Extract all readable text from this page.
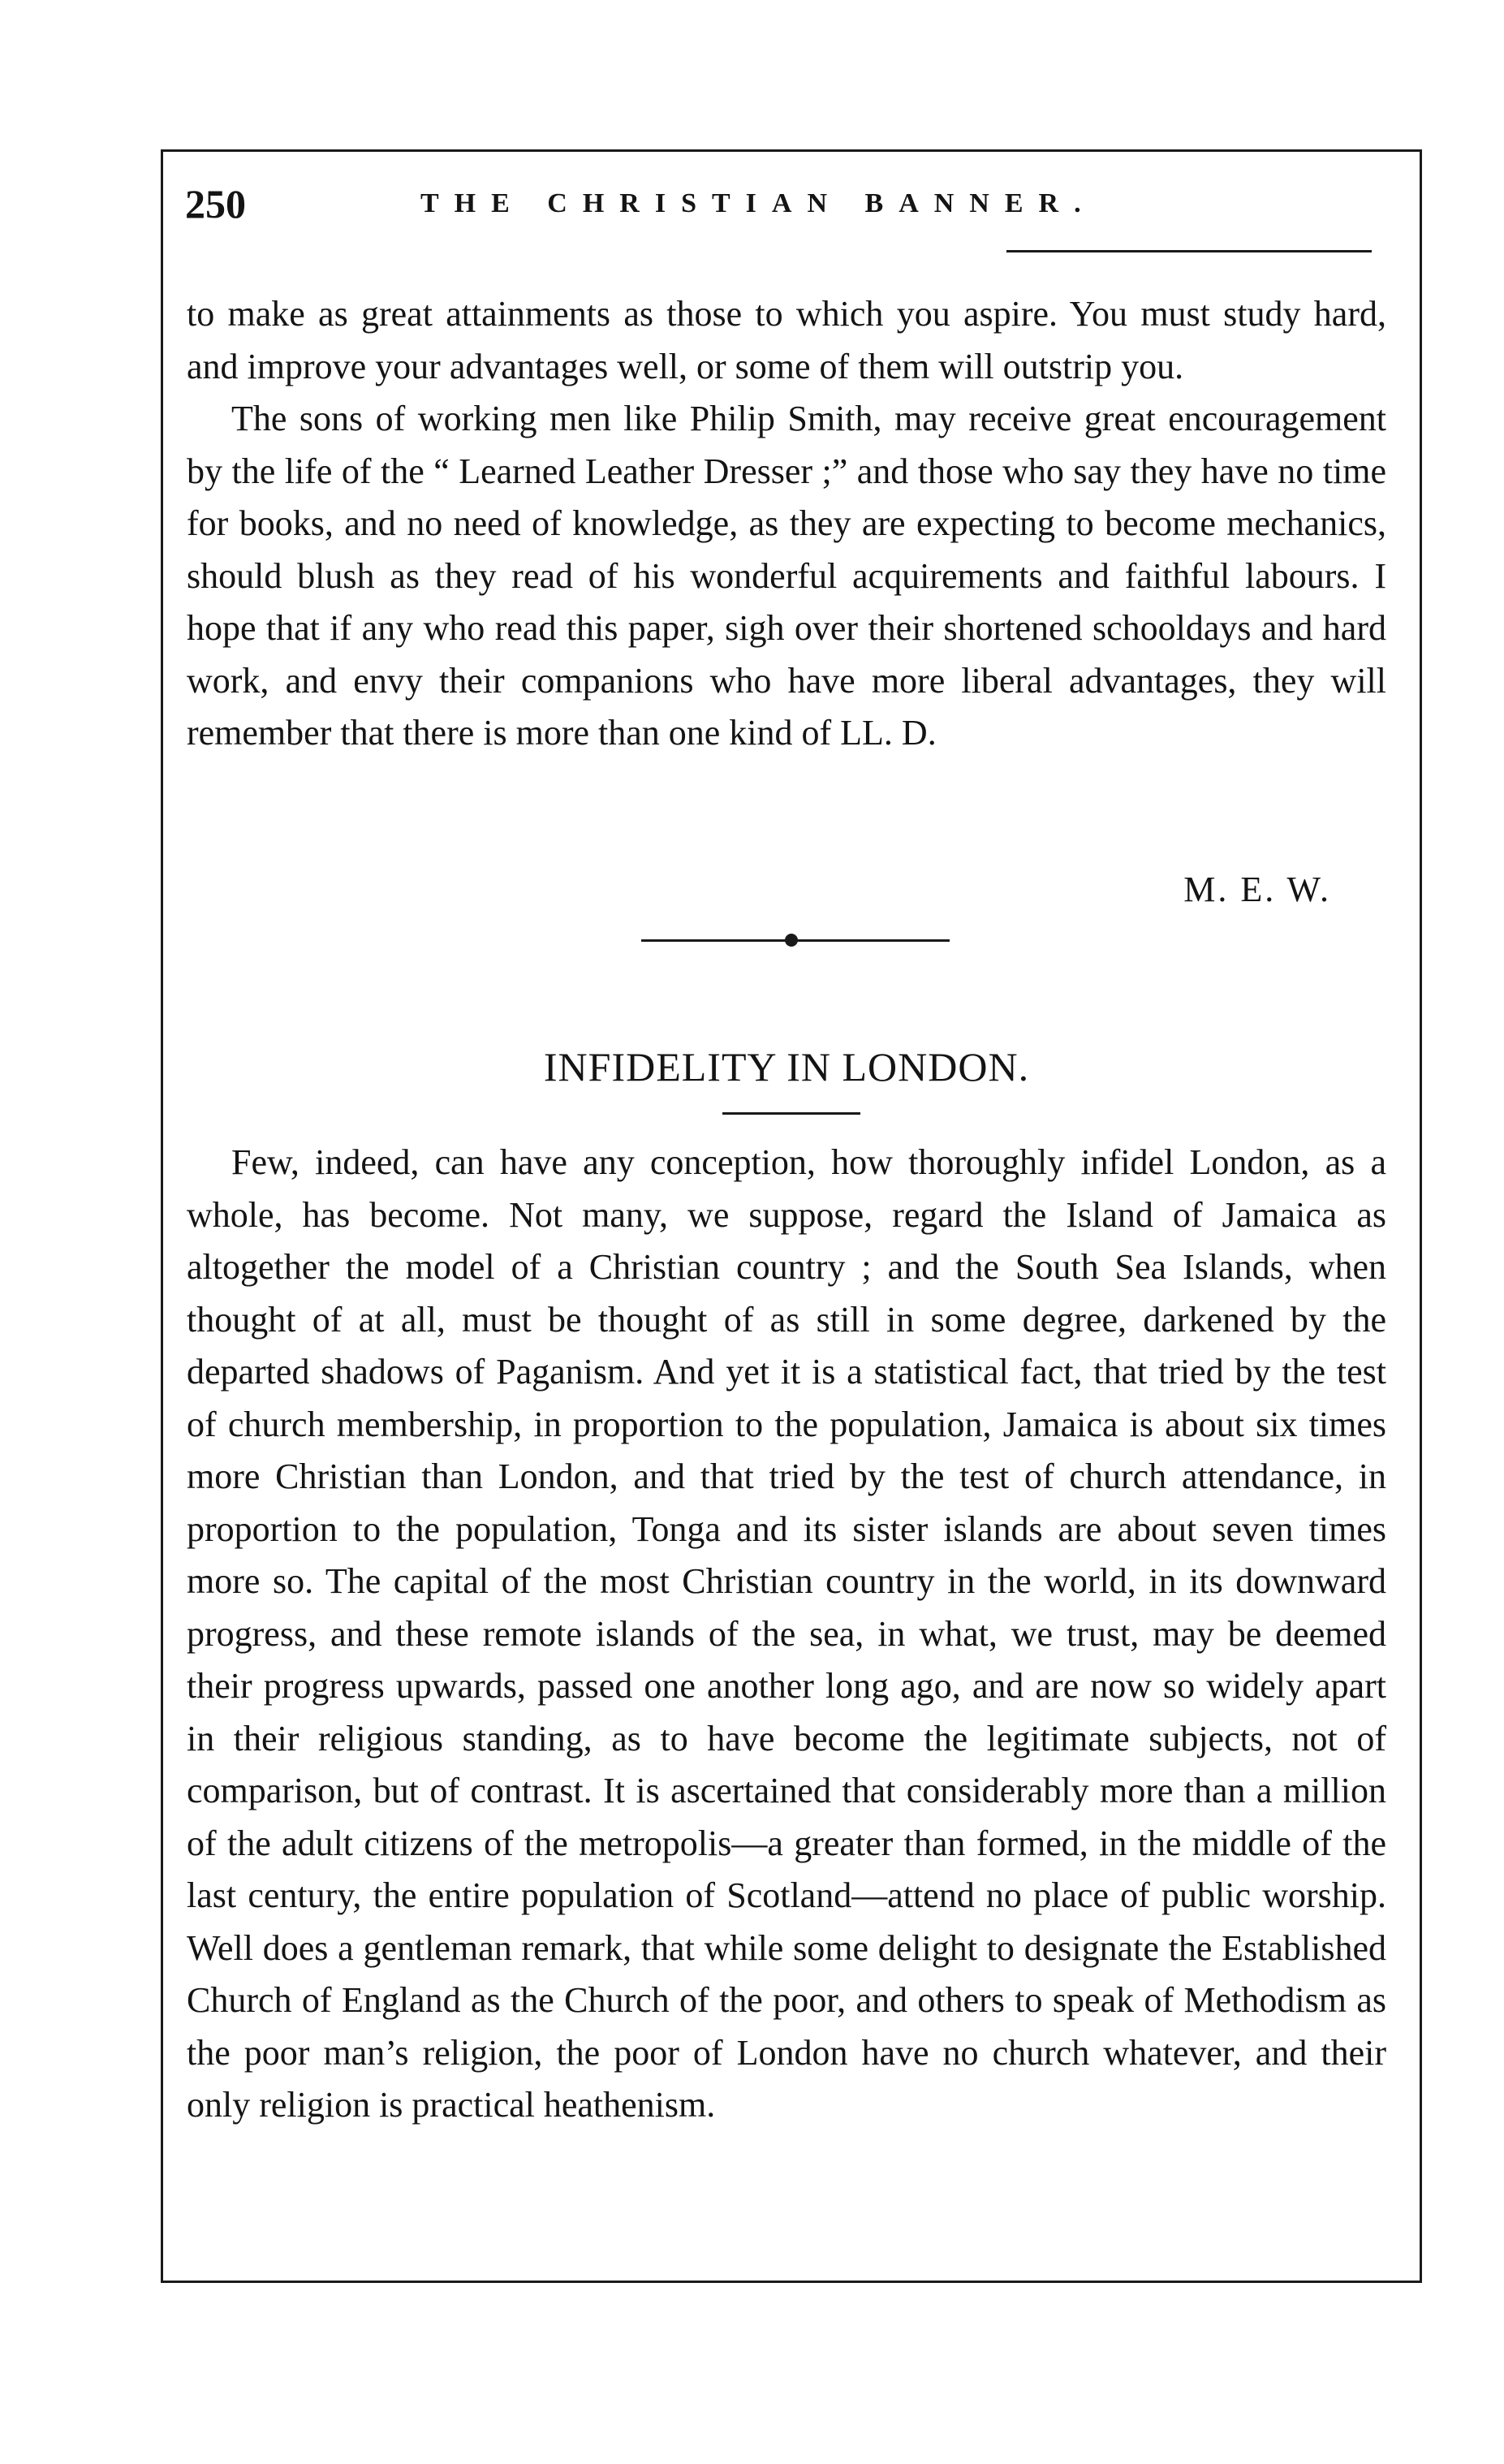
250	THE CHRISTIAN BANNER.

to make as great attainments as those to which you aspire. You must study hard, and improve your advantages well, or some of them will outstrip you.

The sons of working men like Philip Smith, may receive great encouragement by the life of the “ Learned Leather Dresser ;” and those who say they have no time for books, and no need of knowledge, as they are expecting to become mechanics, should blush as they read of his wonderful acquirements and faithful labours. I hope that if any who read this paper, sigh over their shortened schooldays and hard work, and envy their companions who have more liberal advantages, they will remember that there is more than one kind of LL. D.

M. E. W.
INFIDELITY IN LONDON.

Few, indeed, can have any conception, how thoroughly infidel London, as a whole, has become. Not many, we suppose, regard the Island of Jamaica as altogether the model of a Christian country ; and the South Sea Islands, when thought of at all, must be thought of as still in some degree, darkened by the departed shadows of Paganism. And yet it is a statistical fact, that tried by the test of church membership, in proportion to the population, Jamaica is about six times more Christian than London, and that tried by the test of church attendance, in proportion to the population, Tonga and its sister islands are about seven times more so. The capital of the most Christian country in the world, in its downward progress, and these remote islands of the sea, in what, we trust, may be deemed their progress upwards, passed one another long ago, and are now so widely apart in their religious standing, as to have become the legitimate subjects, not of comparison, but of contrast. It is ascertained that considerably more than a million of the adult citizens of the metropolis—a greater than formed, in the middle of the last century, the entire population of Scotland—attend no place of public worship. Well does a gentleman remark, that while some delight to designate the Established Church of England as the Church of the poor, and others to speak of Methodism as the poor man’s religion, the poor of London have no church whatever, and their only religion is practical heathenism.
